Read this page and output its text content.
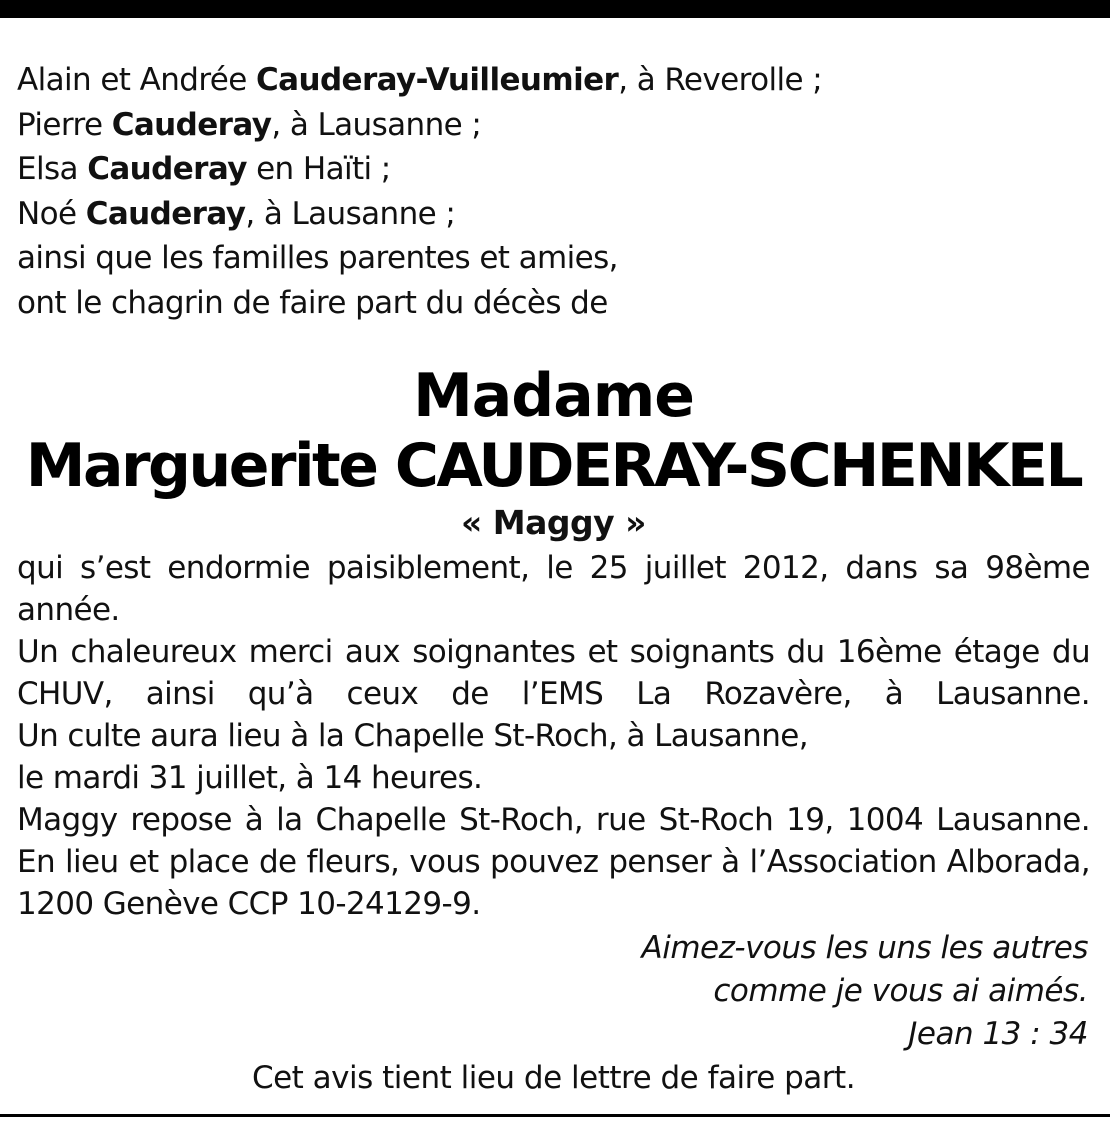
Alain et Andrée Cauderay-Vuilleumier, à Reverolle ;
Pierre Cauderay, à Lausanne ;
Elsa Cauderay en Haïti ;
Noé Cauderay, à Lausanne ;
ainsi que les familles parentes et amies,
ont le chagrin de faire part du décès de
Madame
Marguerite CAUDERAY-SCHENKEL
« Maggy »
qui s’est endormie paisiblement, le 25 juillet 2012, dans sa 98ème
année.
Un chaleureux merci aux soignantes et soignants du 16ème étage du
CHUV, ainsi qu’à ceux de l’EMS La Rozavère, à Lausanne.
Un culte aura lieu à la Chapelle St-Roch, à Lausanne,
le mardi 31 juillet, à 14 heures.
Maggy repose à la Chapelle St-Roch, rue St-Roch 19, 1004 Lausanne.
En lieu et place de fleurs, vous pouvez penser à l’Association Alborada,
1200 Genève CCP 10-24129-9.
Aimez-vous les uns les autres
comme je vous ai aimés.
Jean 13 : 34
Cet avis tient lieu de lettre de faire part.
